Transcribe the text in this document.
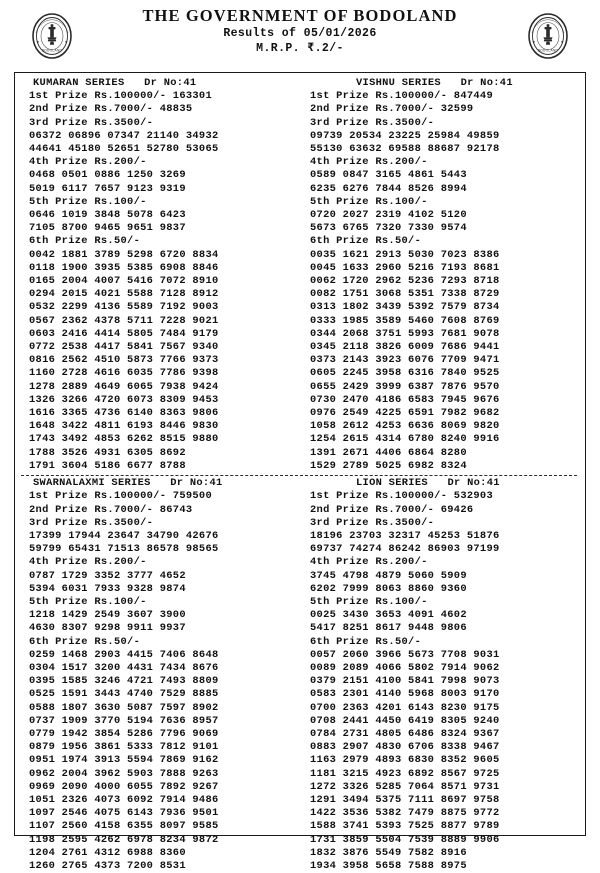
BODOLAND
THE GOVERNMENT OF BODOLAND
Results of 05/01/2026
M.R.P. ₹.2/-	BODOLAND
KUMARAN SERIES   Dr No:41
1st Prize Rs.100000/- 163301
2nd Prize Rs.7000/- 48835
3rd Prize Rs.3500/-
06372 06896 07347 21140 34932
44641 45180 52651 52780 53065
4th Prize Rs.200/-
0468 0501 0886 1250 3269
5019 6117 7657 9123 9319
5th Prize Rs.100/-
0646 1019 3848 5078 6423
7105 8700 9465 9651 9837
6th Prize Rs.50/-
0042 1881 3789 5298 6720 8834
0118 1900 3935 5385 6908 8846
0165 2004 4007 5416 7072 8910
0294 2015 4021 5588 7128 8912
0532 2299 4136 5589 7192 9003
0567 2362 4378 5711 7228 9021
0603 2416 4414 5805 7484 9179
0772 2538 4417 5841 7567 9340
0816 2562 4510 5873 7766 9373
1160 2728 4616 6035 7786 9398
1278 2889 4649 6065 7938 9424
1326 3266 4720 6073 8309 9453
1616 3365 4736 6140 8363 9806
1648 3422 4811 6193 8446 9830
1743 3492 4853 6262 8515 9880
1788 3526 4931 6305 8692
1791 3604 5186 6677 8788
VISHNU SERIES   Dr No:41
1st Prize Rs.100000/- 847449
2nd Prize Rs.7000/- 32599
3rd Prize Rs.3500/-
09739 20534 23225 25984 49859
55130 63632 69588 88687 92178
4th Prize Rs.200/-
0589 0847 3165 4861 5443
6235 6276 7844 8526 8994
5th Prize Rs.100/-
0720 2027 2319 4102 5120
5673 6765 7320 7330 9574
6th Prize Rs.50/-
0035 1621 2913 5030 7023 8386
0045 1633 2960 5216 7193 8681
0062 1720 2962 5236 7293 8718
0082 1751 3068 5351 7338 8729
0313 1802 3439 5392 7579 8734
0333 1985 3589 5460 7608 8769
0344 2068 3751 5993 7681 9078
0345 2118 3826 6009 7686 9441
0373 2143 3923 6076 7709 9471
0605 2245 3958 6316 7840 9525
0655 2429 3999 6387 7876 9570
0730 2470 4186 6583 7945 9676
0976 2549 4225 6591 7982 9682
1058 2612 4253 6636 8069 9820
1254 2615 4314 6780 8240 9916
1391 2671 4406 6864 8280
1529 2789 5025 6982 8324
SWARNALAXMI SERIES   Dr No:41
1st Prize Rs.100000/- 759500
2nd Prize Rs.7000/- 86743
3rd Prize Rs.3500/-
17399 17944 23647 34790 42676
59799 65431 71513 86578 98565
4th Prize Rs.200/-
0787 1729 3352 3777 4652
5394 6031 7933 9328 9874
5th Prize Rs.100/-
1218 1429 2549 3607 3900
4630 8307 9298 9911 9937
6th Prize Rs.50/-
0259 1468 2903 4415 7406 8648
0304 1517 3200 4431 7434 8676
0395 1585 3246 4721 7493 8809
0525 1591 3443 4740 7529 8885
0588 1807 3630 5087 7597 8902
0737 1909 3770 5194 7636 8957
0779 1942 3854 5286 7796 9069
0879 1956 3861 5333 7812 9101
0951 1974 3913 5594 7869 9162
0962 2004 3962 5903 7888 9263
0969 2090 4000 6055 7892 9267
1051 2326 4073 6092 7914 9486
1097 2546 4075 6143 7936 9501
1107 2560 4158 6355 8097 9585
1198 2595 4262 6978 8234 9872
1204 2761 4312 6988 8360
1260 2765 4373 7200 8531
LION SERIES   Dr No:41
1st Prize Rs.100000/- 532903
2nd Prize Rs.7000/- 69426
3rd Prize Rs.3500/-
18196 23703 32317 45253 51876
69737 74274 86242 86903 97199
4th Prize Rs.200/-
3745 4798 4879 5060 5909
6202 7999 8063 8860 9360
5th Prize Rs.100/-
0025 3430 3653 4091 4602
5417 8251 8617 9448 9806
6th Prize Rs.50/-
0057 2060 3966 5673 7708 9031
0089 2089 4066 5802 7914 9062
0379 2151 4100 5841 7998 9073
0583 2301 4140 5968 8003 9170
0700 2363 4201 6143 8230 9175
0708 2441 4450 6419 8305 9240
0784 2731 4805 6486 8324 9367
0883 2907 4830 6706 8338 9467
1163 2979 4893 6830 8352 9605
1181 3215 4923 6892 8567 9725
1272 3326 5285 7064 8571 9731
1291 3494 5375 7111 8697 9758
1422 3536 5382 7479 8875 9772
1588 3741 5393 7525 8877 9789
1731 3859 5504 7539 8889 9906
1832 3876 5549 7582 8916
1934 3958 5658 7588 8975
